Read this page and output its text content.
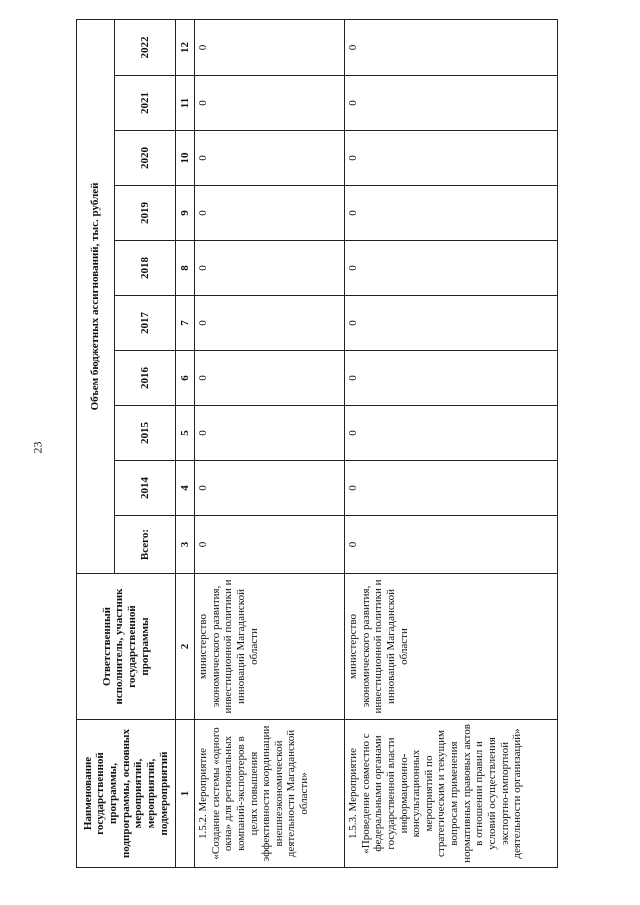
23
Наименование государственной программы, подпрограммы, основных мероприятий, мероприятий, подмероприятий	Ответственный исполнитель, участник государственной программы	Объем бюджетных ассигнований, тыс. рублей									
		Всего:	2014	2015	2016	2017	2018	2019	2020	2021	2022
1	2	3	4	5	6	7	8	9	10	11	12
1.5.2. Мероприятие «Создание системы «одного окна» для региональных компаний-экспортеров в целях повышения эффективности координации внешнеэкономической деятельности Магаданской области»	министерство экономического развития, инвестиционной политики и инноваций Магаданской области	0	0	0	0	0	0	0	0	0	0
1.5.3. Мероприятие «Проведение совместно с федеральными органами государственной власти информационно-консультационных мероприятий по стратегическим и текущим вопросам применения нормативных правовых актов в отношении правил и условий осуществления экспортно-импортной деятельности организаций»	министерство экономического развития, инвестиционной политики и инноваций Магаданской области	0	0	0	0	0	0	0	0	0	0
